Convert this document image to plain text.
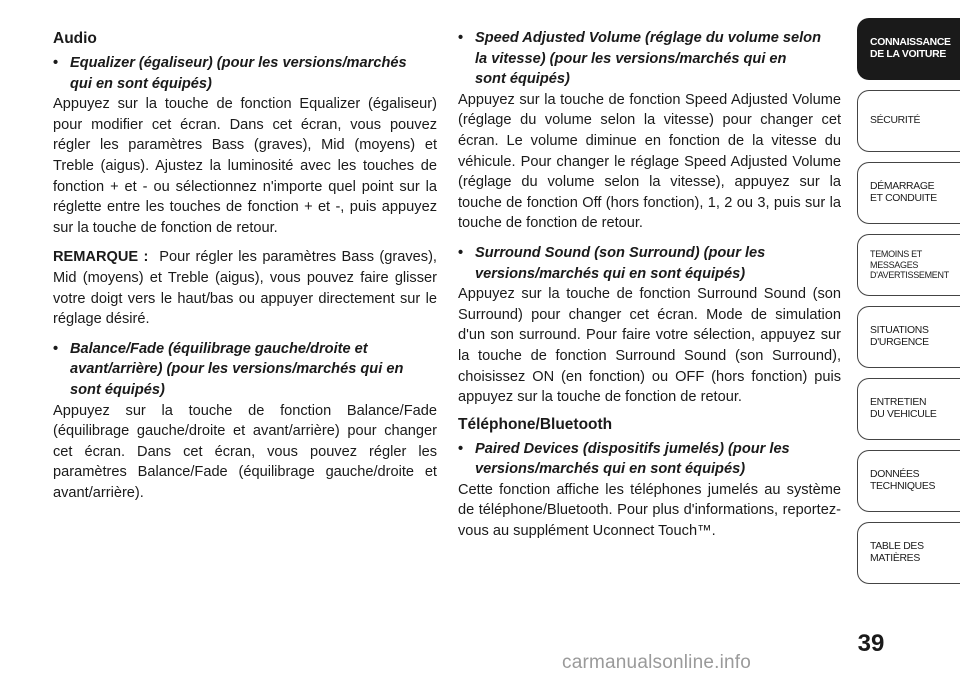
Audio

• Equalizer (égaliseur) (pour les versions/marchés
qui en sont équipés)

Appuyez sur la touche de fonction Equalizer (égaliseur) pour modifier cet écran. Dans cet écran, vous pouvez régler les paramètres Bass (graves), Mid (moyens) et Treble (aigus). Ajustez la luminosité avec les touches de fonction + et - ou sélectionnez n'importe quel point sur la réglette entre les touches de fonction + et -, puis appuyez sur la touche de fonction de retour.

REMARQUE : Pour régler les paramètres Bass (graves), Mid (moyens) et Treble (aigus), vous pouvez faire glisser votre doigt vers le haut/bas ou appuyer directement sur le réglage désiré.

• Balance/Fade (équilibrage gauche/droite et
avant/arrière) (pour les versions/marchés qui en
sont équipés)

Appuyez sur la touche de fonction Balance/Fade (équilibrage gauche/droite et avant/arrière) pour changer cet écran. Dans cet écran, vous pouvez régler les paramètres Balance/Fade (équilibrage gauche/droite et avant/arrière).

• Speed Adjusted Volume (réglage du volume selon
la vitesse) (pour les versions/marchés qui en
sont équipés)

Appuyez sur la touche de fonction Speed Adjusted Volume (réglage du volume selon la vitesse) pour changer cet écran. Le volume diminue en fonction de la vitesse du véhicule. Pour changer le réglage Speed Adjusted Volume (réglage du volume selon la vitesse), appuyez sur la touche de fonction Off (hors fonction), 1, 2 ou 3, puis sur la touche de fonction de retour.

• Surround Sound (son Surround) (pour les
versions/marchés qui en sont équipés)

Appuyez sur la touche de fonction Surround Sound (son Surround) pour changer cet écran. Mode de simulation d'un son surround. Pour faire votre sélection, appuyez sur la touche de fonction Surround Sound (son Surround), choisissez ON (en fonction) ou OFF (hors fonction) puis appuyez sur la touche de fonction de retour.

Téléphone/Bluetooth

• Paired Devices (dispositifs jumelés) (pour les
versions/marchés qui en sont équipés)

Cette fonction affiche les téléphones jumelés au système de téléphone/Bluetooth. Pour plus d'informations, reportez-vous au supplément Uconnect Touch™.

CONNAISSANCE
DE LA VOITURE
SÉCURITÉ
DÉMARRAGE
ET CONDUITE
TEMOINS ET
MESSAGES
D'AVERTISSEMENT
SITUATIONS
D'URGENCE
ENTRETIEN
DU VEHICULE
DONNÉES
TECHNIQUES
TABLE DES
MATIÈRES
39
carmanualsonline.info
